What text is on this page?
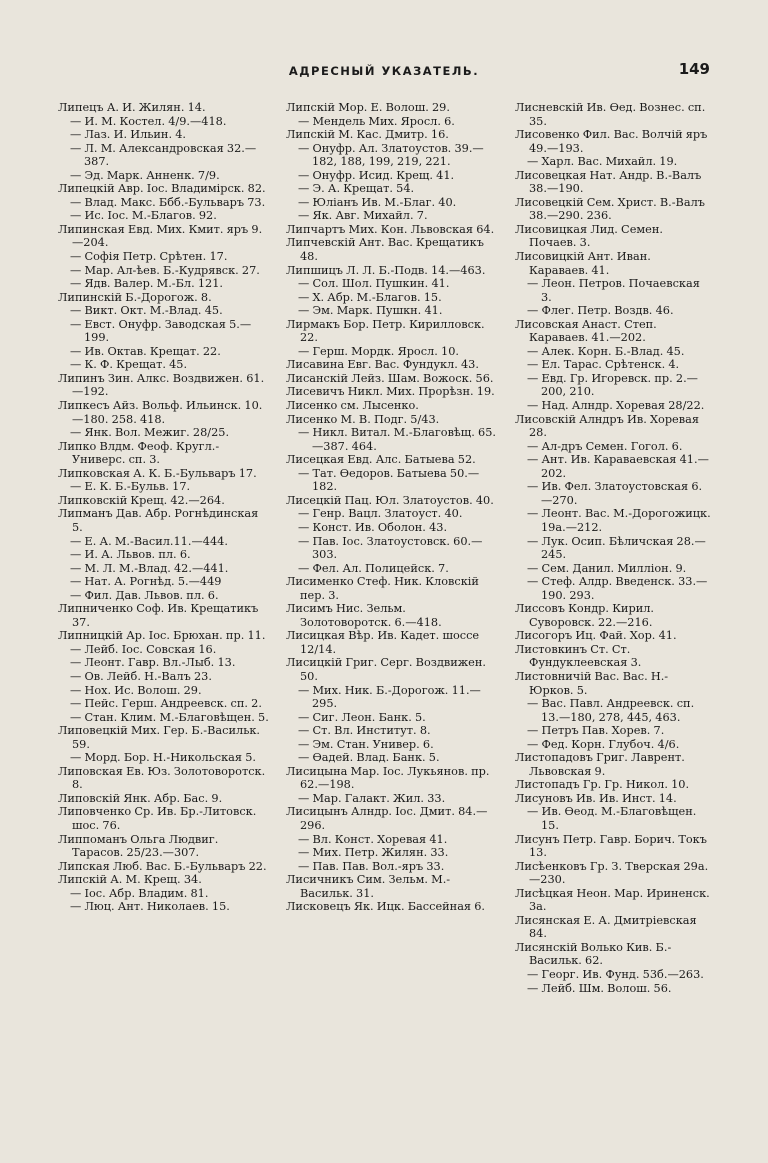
АДРЕСНЫЙ УКАЗАТЕЛЬ.	149
Липецъ А. И. Жилян. 14.
— И. М. Костел. 4/9.—418.
— Лаз. И. Ильин. 4.
— Л. М. Александровская 32.—387.
— Эд. Марк. Анненк. 7/9.
Липецкій Авр. Іос. Владимірск. 82.
— Влад. Макс. Ббб.-Бульваръ 73.
— Ис. Іос. М.-Благов. 92.
Липинская Евд. Мих. Кмит. яръ 9.—204.
— Софія Петр. Срѣтен. 17.
— Мар. Ал-ѣев. Б.-Кудрявск. 27.
— Ядв. Валер. М.-Бл. 121.
Липинскій Б.-Дорогож. 8.
— Викт. Окт. М.-Влад. 45.
— Евст. Онуфр. Заводская 5.—199.
— Ив. Октав. Крещат. 22.
— К. Ф. Крещат. 45.
Липинъ Зин. Алкс. Воздвижен. 61.—192.
Липкесъ Айз. Вольф. Ильинск. 10.—180. 258. 418.
— Янк. Вол. Межиг. 28/25.
Липко Влдм. Феоф. Кругл.-Универс. сп. 3.
Липковская А. К. Б.-Бульваръ 17.
— Е. К. Б.-Бульв. 17.
Липковскій Крещ. 42.—264.
Липманъ Дав. Абр. Рогнѣдинская 5.
— Е. А. М.-Васил.11.—444.
— И. А. Львов. пл. 6.
— М. Л. М.-Влад. 42.—441.
— Нат. А. Рогнѣд. 5.—449
— Фил. Дав. Львов. пл. 6.
Липниченко Соф. Ив. Крещатикъ 37.
Липницкій Ар. Іос. Брюхан. пр. 11.
— Лейб. Іос. Совская 16.
— Леонт. Гавр. Вл.-Лыб. 13.
— Ов. Лейб. Н.-Валъ 23.
— Нох. Ис. Волош. 29.
— Пейс. Герш. Андреевск. сп. 2.
— Стан. Клим. М.-Благовѣщен. 5.
Липовецкій Мих. Гер. Б.-Васильк. 59.
— Морд. Бор. Н.-Никольская 5.
Липовская Ев. Юз. Золотоворотск. 8.
Липовскій Янк. Абр. Бас. 9.
Липовченко Ср. Ив. Бр.-Литовск. шос. 76.
Липпоманъ Ольга Людвиг. Тарасов. 25/23.—307.
Липская Люб. Вас. Б.-Бульваръ 22.
Липскій А. М. Крещ. 34.
— Іос. Абр. Владим. 81.
— Люц. Ант. Николаев. 15.
Липскій Мор. Е. Волош. 29.
— Мендель Мих. Яросл. 6.
Липскій М. Кас. Дмитр. 16.
— Онуфр. Ал. Златоустов. 39.—182, 188, 199, 219, 221.
— Онуфр. Исид. Крещ. 41.
— Э. А. Крещат. 54.
— Юліанъ Ив. М.-Благ. 40.
— Як. Авг. Михайл. 7.
Липчартъ Мих. Кон. Львовская 64.
Липчевскій Ант. Вас. Крещатикъ 48.
Липшицъ Л. Л. Б.-Подв. 14.—463.
— Сол. Шол. Пушкин. 41.
— Х. Абр. М.-Благов. 15.
— Эм. Марк. Пушкн. 41.
Лирмакъ Бор. Петр. Кирилловск. 22.
— Герш. Мордк. Яросл. 10.
Лисавина Евг. Вас. Фундукл. 43.
Лисанскій Лейз. Шам. Вожоск. 56.
Лисевичъ Никл. Мих. Прорѣзн. 19.
Лисенко см. Лысенко.
Лисенко М. В. Подг. 5/43.
— Никл. Витал. М.-Благовѣщ. 65.—387. 464.
Лисецкая Евд. Алс. Батыева 52.
— Тат. Өедоров. Батыева 50.—182.
Лисецкій Пац. Юл. Златоустов. 40.
— Генр. Вацл. Златоуст. 40.
— Конст. Ив. Оболон. 43.
— Пав. Іос. Златоустовск. 60.—303.
— Фел. Ал. Полицейск. 7.
Лисименко Стеф. Ник. Кловскій пер. 3.
Лисимъ Нис. Зельм. Золотоворотск. 6.—418.
Лисицкая Вѣр. Ив. Кадет. шоссе 12/14.
Лисицкій Григ. Серг. Воздвижен. 50.
— Мих. Ник. Б.-Дорогож. 11.—295.
— Сиг. Леон. Банк. 5.
— Ст. Вл. Институт. 8.
— Эм. Стан. Универ. 6.
— Өадей. Влад. Банк. 5.
Лисицына Мар. Іос. Лукьянов. пр. 62.—198.
— Мар. Галакт. Жил. 33.
Лисицынъ Алндр. Іос. Дмит. 84.—296.
— Вл. Конст. Хоревая 41.
— Мих. Петр. Жилян. 33.
— Пав. Пав. Вол.-яръ 33.
Лисичникъ Сим. Зельм. М.-Васильк. 31.
Лисковецъ Як. Ицк. Бассейная 6.
Лисневскій Ив. Өед. Вознес. сп. 35.
Лисовенко Фил. Вас. Волчій яръ 49.—193.
— Харл. Вас. Михайл. 19.
Лисовецкая Нат. Андр. В.-Валъ 38.—190.
Лисовецкій Сем. Христ. В.-Валъ 38.—290. 236.
Лисовицкая Лид. Семен. Почаев. 3.
Лисовицкій Ант. Иван. Караваев. 41.
— Леон. Петров. Почаевская 3.
— Флег. Петр. Воздв. 46.
Лисовская Анаст. Степ. Караваев. 41.—202.
— Алек. Корн. Б.-Влад. 45.
— Ел. Тарас. Срѣтенск. 4.
— Евд. Гр. Игоревск. пр. 2.—200, 210.
— Над. Алндр. Хоревая 28/22.
Лисовскій Алндръ Ив. Хоревая 28.
— Ал-дръ Семен. Гогол. 6.
— Ант. Ив. Караваевская 41.—202.
— Ив. Фел. Златоустовская 6.—270.
— Леонт. Вас. М.-Дорогожицк. 19а.—212.
— Лук. Осип. Бѣличская 28.—245.
— Сем. Данил. Милліон. 9.
— Стеф. Алдр. Введенск. 33.—190. 293.
Лиссовъ Кондр. Кирил. Суворовск. 22.—216.
Лисогоръ Иц. Фай. Хор. 41.
Листовкинъ Ст. Ст. Фундуклеевская 3.
Листовничій Вас. Вас. Н.-Юрков. 5.
— Вас. Павл. Андреевск. сп. 13.—180, 278, 445, 463.
— Петръ Пав. Хорев. 7.
— Фед. Корн. Глубоч. 4/6.
Листопадовъ Григ. Лаврент. Львовская 9.
Листопадъ Гр. Гр. Никол. 10.
Лисуновъ Ив. Ив. Инст. 14.
— Ив. Өеод. М.-Благовѣщен. 15.
Лисунъ Петр. Гавр. Борич. Токъ 13.
Лисѣенковъ Гр. З. Тверская 29а.—230.
Лисѣцкая Неон. Мар. Ириненск. 3а.
Лисянская Е. А. Дмитріевская 84.
Лисянскій Волько Кив. Б.-Васильк. 62.
— Георг. Ив. Фунд. 53б.—263.
— Лейб. Шм. Волош. 56.
